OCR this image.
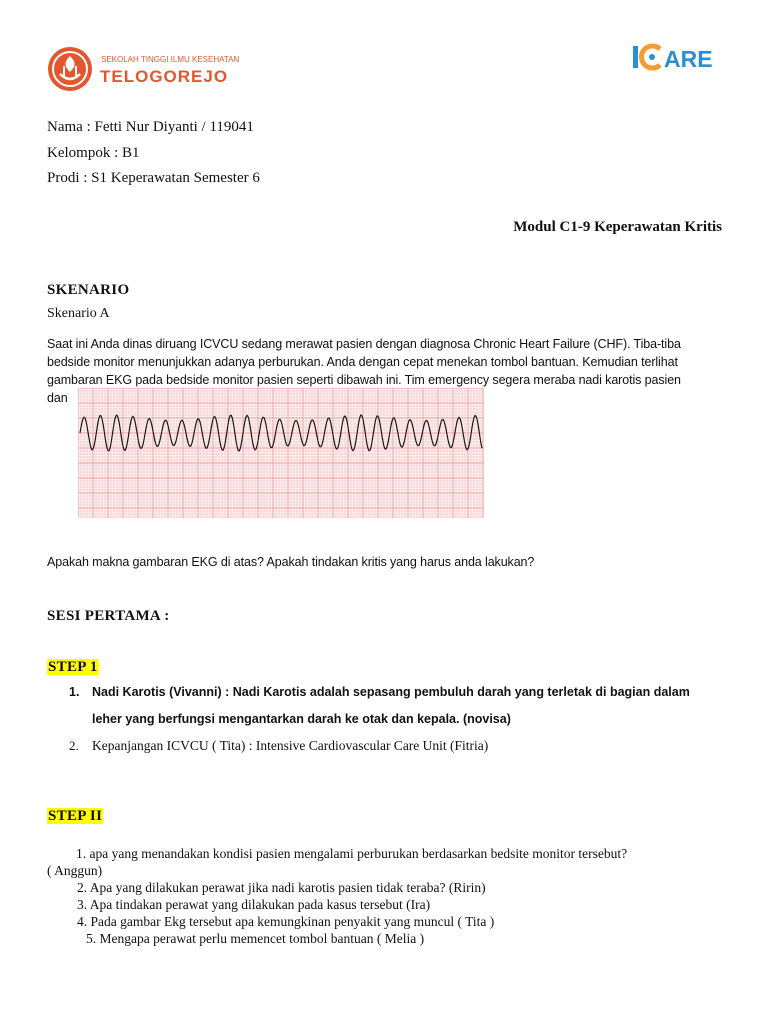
SEKOLAH TINGGI ILMU KESEHATAN
TELOGOREJO
ARE
Nama : Fetti Nur Diyanti / 119041
Kelompok : B1
Prodi : S1 Keperawatan Semester 6
Modul C1-9 Keperawatan Kritis
SKENARIO
Skenario A
Saat ini Anda dinas diruang ICVCU sedang merawat pasien dengan diagnosa Chronic Heart Failure (CHF). Tiba-tiba
bedside monitor menunjukkan adanya perburukan. Anda dengan cepat menekan tombol bantuan. Kemudian terlihat
gambaran EKG pada bedside monitor pasien seperti dibawah ini. Tim emergency segera meraba nadi karotis pasien
dan
Apakah makna gambaran EKG di atas? Apakah tindakan kritis yang harus anda lakukan?
SESI PERTAMA :
STEP 1
1. Nadi Karotis (Vivanni) : Nadi Karotis adalah sepasang pembuluh darah yang terletak di bagian dalam
leher yang berfungsi mengantarkan darah ke otak dan kepala. (novisa)
2. Kepanjangan ICVCU ( Tita) : Intensive Cardiovascular Care Unit (Fitria)
STEP II
1. apa yang menandakan kondisi pasien mengalami perburukan berdasarkan bedsite monitor tersebut?
( Anggun)
2. Apa yang dilakukan perawat jika nadi karotis pasien tidak teraba? (Ririn)
3. Apa tindakan perawat yang dilakukan pada kasus tersebut (Ira)
4. Pada gambar Ekg tersebut apa kemungkinan penyakit yang muncul ( Tita )
5. Mengapa perawat perlu memencet tombol bantuan ( Melia )
